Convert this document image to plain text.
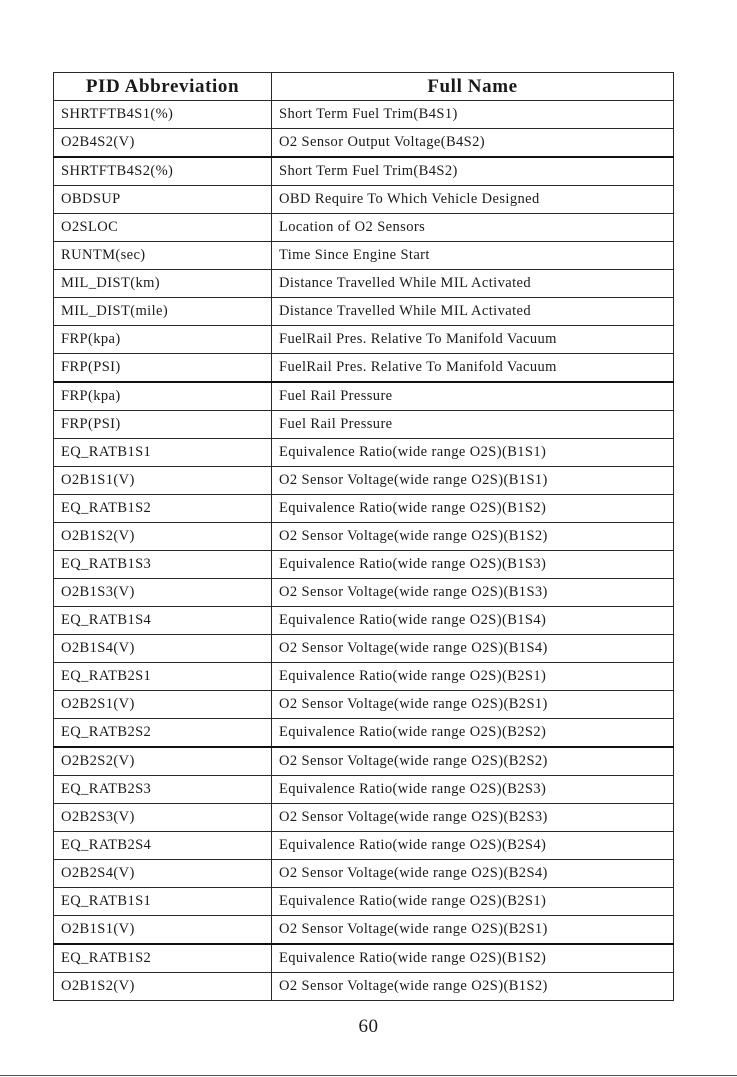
PID Abbreviation	Full Name
SHRTFTB4S1(%)	Short Term Fuel Trim(B4S1)
O2B4S2(V)	O2 Sensor Output Voltage(B4S2)
SHRTFTB4S2(%)	Short Term Fuel Trim(B4S2)
OBDSUP	OBD Require To Which Vehicle Designed
O2SLOC	Location of O2 Sensors
RUNTM(sec)	Time Since Engine Start
MIL_DIST(km)	Distance Travelled While MIL Activated
MIL_DIST(mile)	Distance Travelled While MIL Activated
FRP(kpa)	FuelRail Pres. Relative To Manifold Vacuum
FRP(PSI)	FuelRail Pres. Relative To Manifold Vacuum
FRP(kpa)	Fuel Rail Pressure
FRP(PSI)	Fuel Rail Pressure
EQ_RATB1S1	Equivalence Ratio(wide range O2S)(B1S1)
O2B1S1(V)	O2 Sensor Voltage(wide range O2S)(B1S1)
EQ_RATB1S2	Equivalence Ratio(wide range O2S)(B1S2)
O2B1S2(V)	O2 Sensor Voltage(wide range O2S)(B1S2)
EQ_RATB1S3	Equivalence Ratio(wide range O2S)(B1S3)
O2B1S3(V)	O2 Sensor Voltage(wide range O2S)(B1S3)
EQ_RATB1S4	Equivalence Ratio(wide range O2S)(B1S4)
O2B1S4(V)	O2 Sensor Voltage(wide range O2S)(B1S4)
EQ_RATB2S1	Equivalence Ratio(wide range O2S)(B2S1)
O2B2S1(V)	O2 Sensor Voltage(wide range O2S)(B2S1)
EQ_RATB2S2	Equivalence Ratio(wide range O2S)(B2S2)
O2B2S2(V)	O2 Sensor Voltage(wide range O2S)(B2S2)
EQ_RATB2S3	Equivalence Ratio(wide range O2S)(B2S3)
O2B2S3(V)	O2 Sensor Voltage(wide range O2S)(B2S3)
EQ_RATB2S4	Equivalence Ratio(wide range O2S)(B2S4)
O2B2S4(V)	O2 Sensor Voltage(wide range O2S)(B2S4)
EQ_RATB1S1	Equivalence Ratio(wide range O2S)(B2S1)
O2B1S1(V)	O2 Sensor Voltage(wide range O2S)(B2S1)
EQ_RATB1S2	Equivalence Ratio(wide range O2S)(B1S2)
O2B1S2(V)	O2 Sensor Voltage(wide range O2S)(B1S2)
60
